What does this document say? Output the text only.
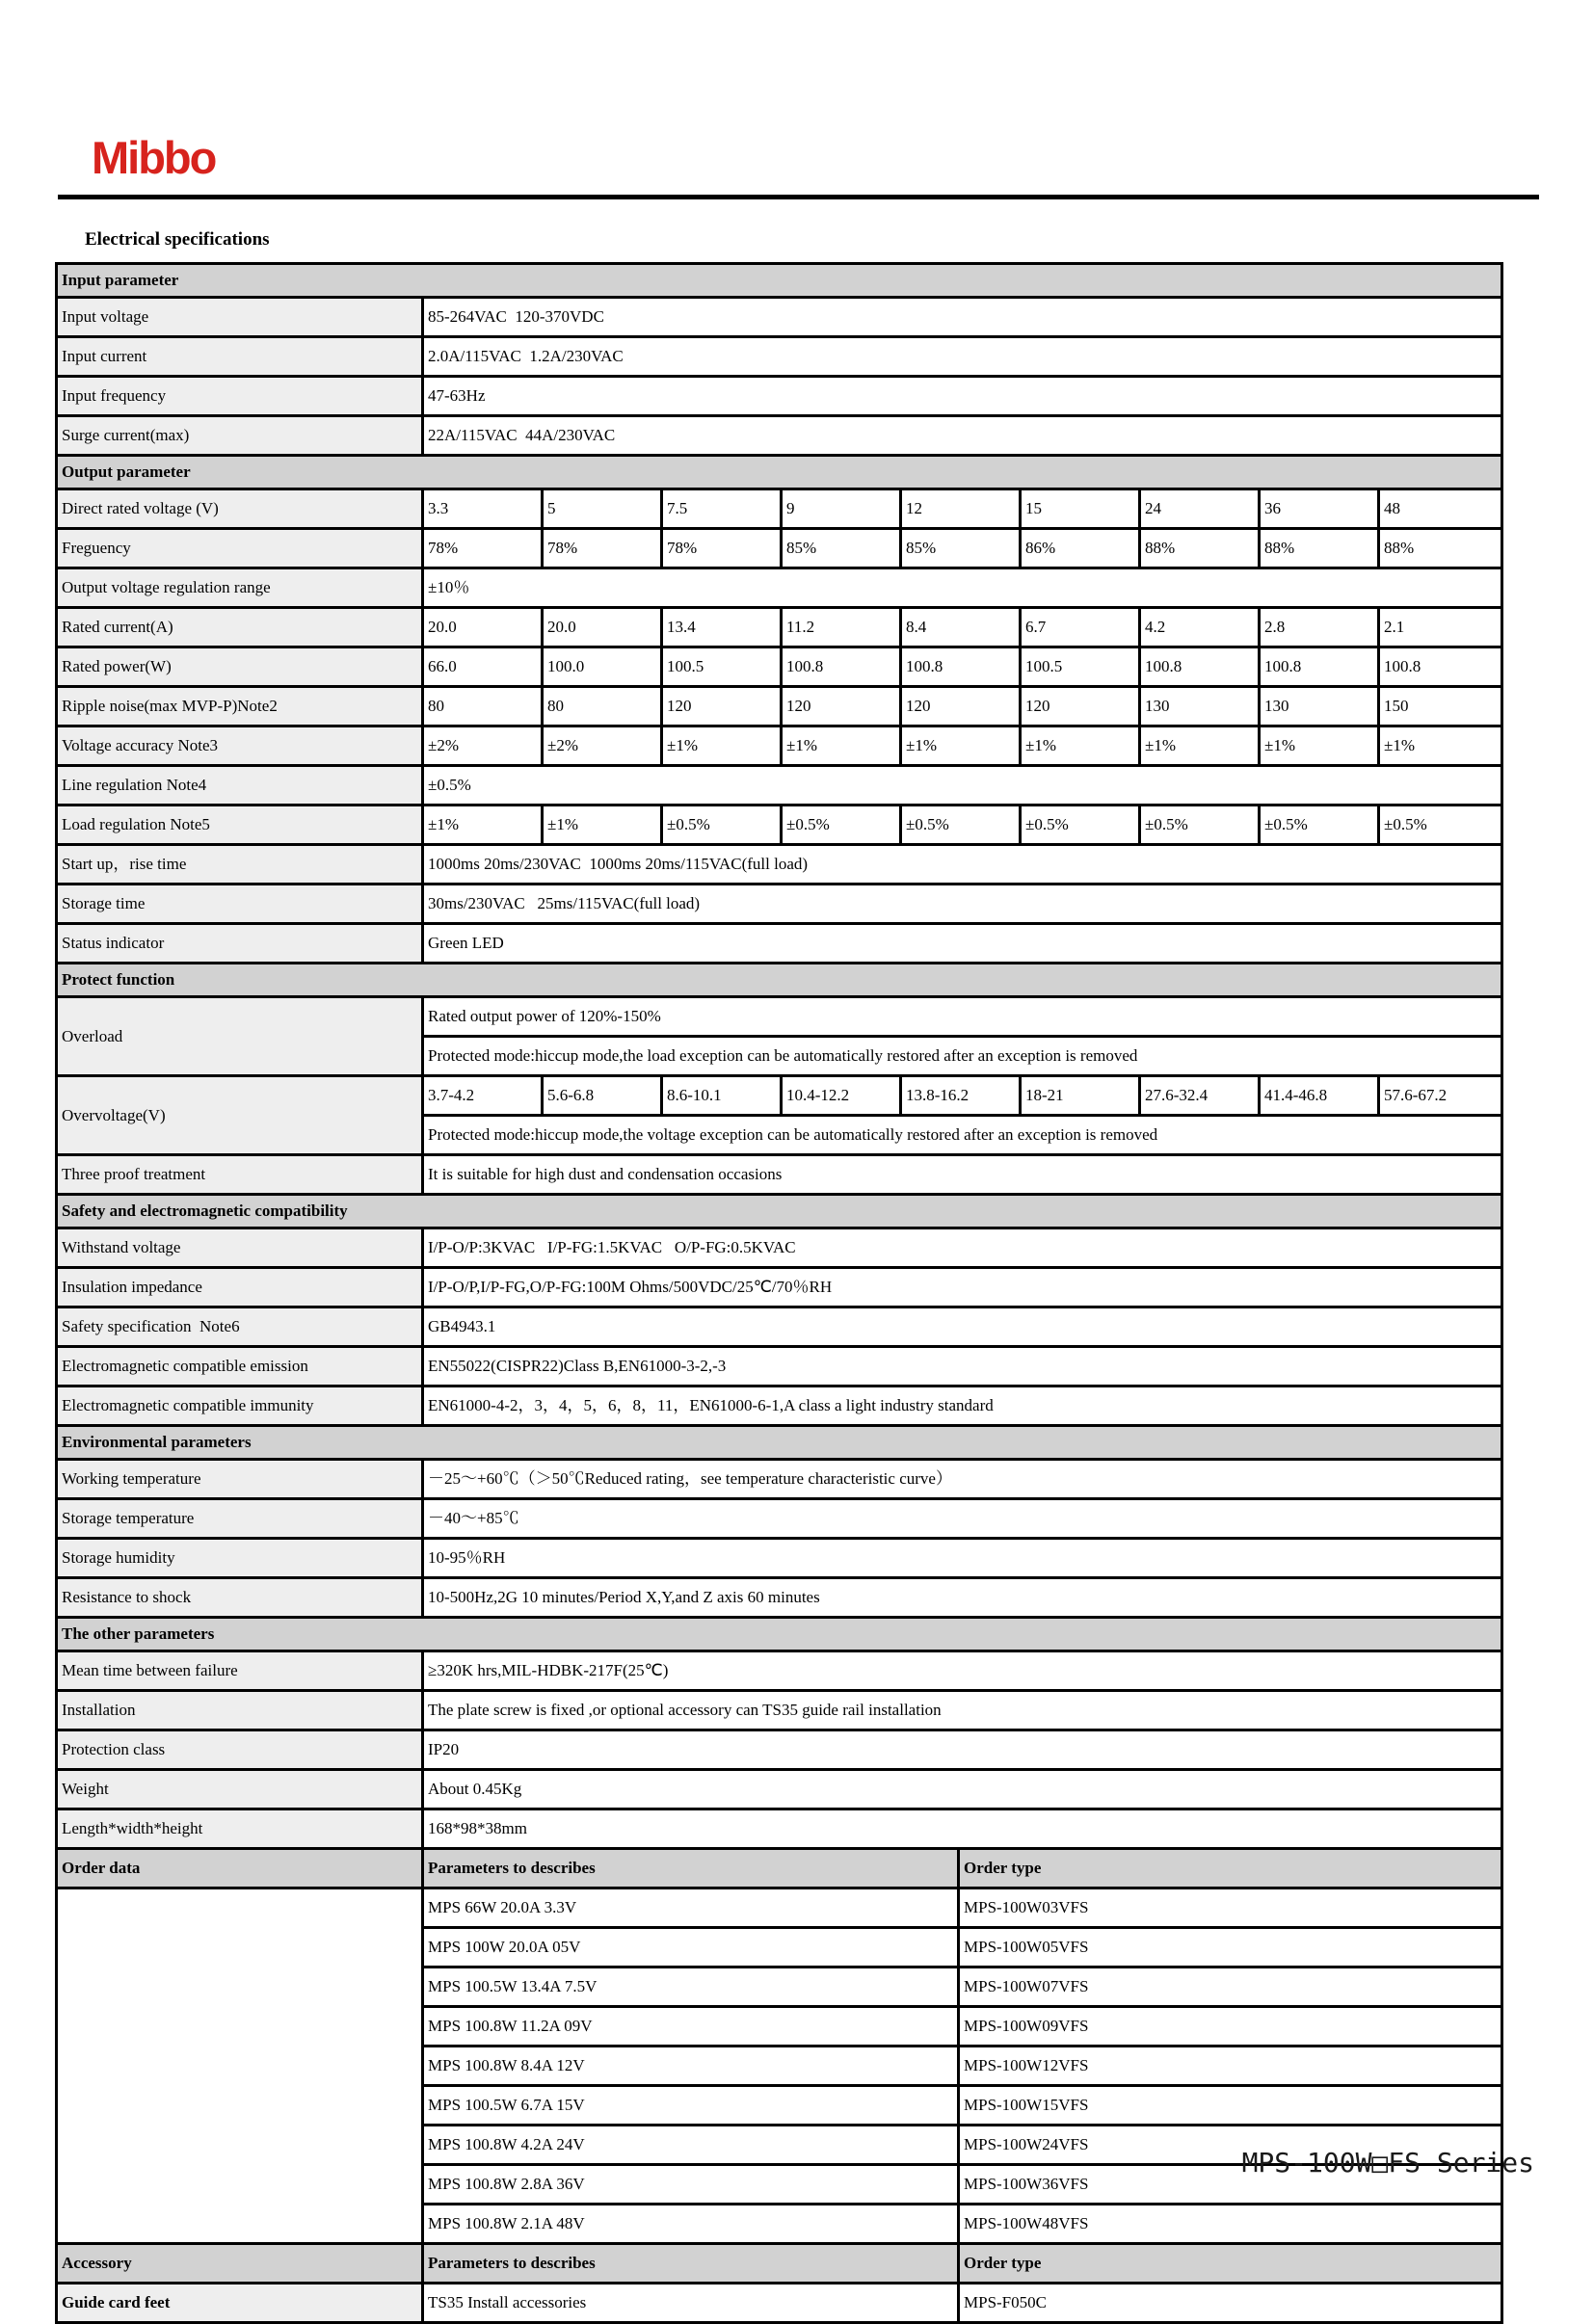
Mibbo
Electrical specifications
Input parameter									
Input voltage	85-264VAC  120-370VDC								
Input current	2.0A/115VAC  1.2A/230VAC								
Input frequency	47-63Hz								
Surge current(max)	22A/115VAC  44A/230VAC								
Output parameter									
Direct rated voltage (V)	3.3	5	7.5	9	12	15	24	36	48
Freguency	78%	78%	78%	85%	85%	86%	88%	88%	88%
Output voltage regulation range	±10％								
Rated current(A)	20.0	20.0	13.4	11.2	8.4	6.7	4.2	2.8	2.1
Rated power(W)	66.0	100.0	100.5	100.8	100.8	100.5	100.8	100.8	100.8
Ripple noise(max MVP-P)Note2	80	80	120	120	120	120	130	130	150
Voltage accuracy Note3	±2%	±2%	±1%	±1%	±1%	±1%	±1%	±1%	±1%
Line regulation Note4	±0.5%								
Load regulation Note5	±1%	±1%	±0.5%	±0.5%	±0.5%	±0.5%	±0.5%	±0.5%	±0.5%
Start up，rise time	1000ms 20ms/230VAC  1000ms 20ms/115VAC(full load)								
Storage time	30ms/230VAC   25ms/115VAC(full load)								
Status indicator	Green LED								
Protect function									
Overload	Rated output power of 120%-150%								
	Protected mode:hiccup mode,the load exception can be automatically restored after an exception is removed								
Overvoltage(V)	3.7-4.2	5.6-6.8	8.6-10.1	10.4-12.2	13.8-16.2	18-21	27.6-32.4	41.4-46.8	57.6-67.2
	Protected mode:hiccup mode,the voltage exception can be automatically restored after an exception is removed								
Three proof treatment	It is suitable for high dust and condensation occasions								
Safety and electromagnetic compatibility									
Withstand voltage	I/P-O/P:3KVAC   I/P-FG:1.5KVAC   O/P-FG:0.5KVAC								
Insulation impedance	I/P-O/P,I/P-FG,O/P-FG:100M Ohms/500VDC/25℃/70％RH								
Safety specification  Note6	GB4943.1								
Electromagnetic compatible emission	EN55022(CISPR22)Class B,EN61000-3-2,-3								
Electromagnetic compatible immunity	EN61000-4-2，3，4，5，6，8，11，EN61000-6-1,A class a light industry standard								
Environmental parameters									
Working temperature	－25～+60℃（＞50℃Reduced rating，see temperature characteristic curve）								
Storage temperature	－40～+85℃								
Storage humidity	10-95％RH								
Resistance to shock	10-500Hz,2G 10 minutes/Period X,Y,and Z axis 60 minutes								
The other parameters									
Mean time between failure	≥320K hrs,MIL-HDBK-217F(25℃)								
Installation	The plate screw is fixed ,or optional accessory can TS35 guide rail installation								
Protection class	IP20								
Weight	About 0.45Kg								
Length*width*height	168*98*38mm								
Order data	Parameters to describes	Order type
	MPS 66W 20.0A 3.3V	MPS-100W03VFS
	MPS 100W 20.0A 05V	MPS-100W05VFS
	MPS 100.5W 13.4A 7.5V	MPS-100W07VFS
	MPS 100.8W 11.2A 09V	MPS-100W09VFS
	MPS 100.8W 8.4A 12V	MPS-100W12VFS
	MPS 100.5W 6.7A 15V	MPS-100W15VFS
	MPS 100.8W 4.2A 24V	MPS-100W24VFS
	MPS 100.8W 2.8A 36V	MPS-100W36VFS
	MPS 100.8W 2.1A 48V	MPS-100W48VFS
Accessory	Parameters to describes	Order type
Guide card feet	TS35 Install accessories	MPS-F050C
MPS-100W□FS Series
